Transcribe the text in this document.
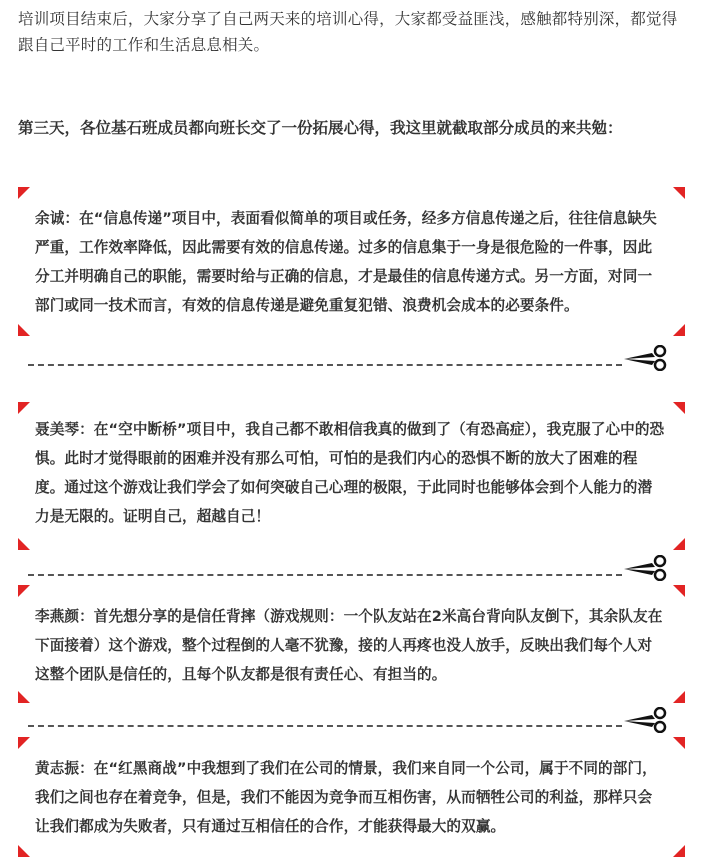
培训项目结束后，大家分享了自己两天来的培训心得，大家都受益匪浅，感触都特别深，都觉得跟自己平时的工作和生活息息相关。

第三天，各位基石班成员都向班长交了一份拓展心得，我这里就截取部分成员的来共勉：

余诚：在“信息传递”项目中，表面看似简单的项目或任务，经多方信息传递之后，往往信息缺失严重，工作效率降低，因此需要有效的信息传递。过多的信息集于一身是很危险的一件事，因此分工并明确自己的职能，需要时给与正确的信息，才是最佳的信息传递方式。另一方面，对同一部门或同一技术而言，有效的信息传递是避免重复犯错、浪费机会成本的必要条件。

聂美琴：在“空中断桥”项目中，我自己都不敢相信我真的做到了（有恐高症），我克服了心中的恐惧。此时才觉得眼前的困难并没有那么可怕，可怕的是我们内心的恐惧不断的放大了困难的程度。通过这个游戏让我们学会了如何突破自己心理的极限，于此同时也能够体会到个人能力的潜力是无限的。证明自己，超越自己！

李燕颜：首先想分享的是信任背摔（游戏规则：一个队友站在2米高台背向队友倒下，其余队友在下面接着）这个游戏，整个过程倒的人毫不犹豫，接的人再疼也没人放手，反映出我们每个人对这整个团队是信任的，且每个队友都是很有责任心、有担当的。

黄志振：在“红黑商战”中我想到了我们在公司的情景，我们来自同一个公司，属于不同的部门，我们之间也存在着竞争，但是，我们不能因为竞争而互相伤害，从而牺牲公司的利益，那样只会让我们都成为失败者，只有通过互相信任的合作，才能获得最大的双赢。
